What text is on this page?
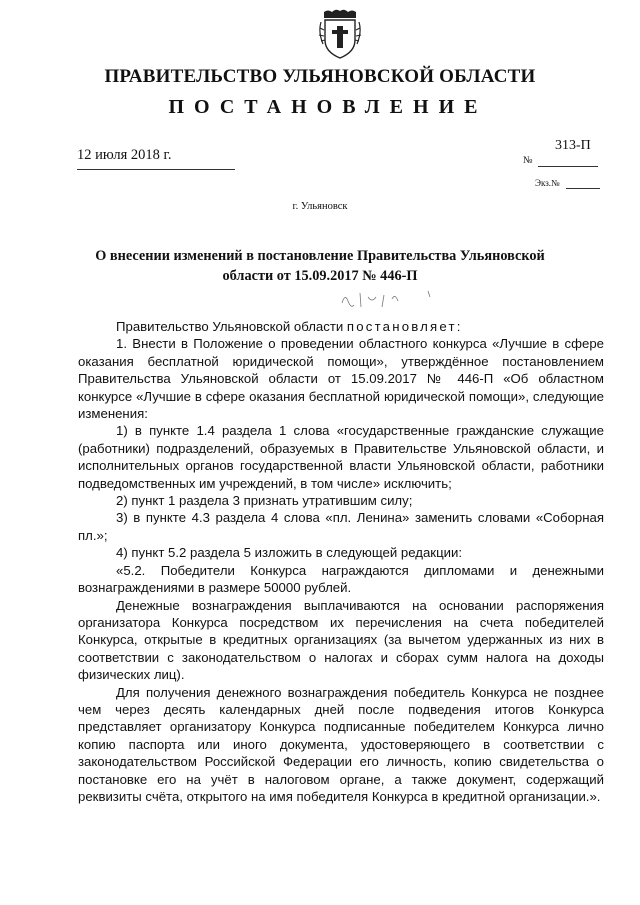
ПРАВИТЕЛЬСТВО УЛЬЯНОВСКОЙ ОБЛАСТИ
ПОСТАНОВЛЕНИЕ
12 июля 2018 г.
313-П
№
Экз.№
г. Ульяновск
О внесении изменений в постановление Правительства Ульяновской области от 15.09.2017 № 446-П

Правительство Ульяновской области постановляет:

1. Внести в Положение о проведении областного конкурса «Лучшие в сфере оказания бесплатной юридической помощи», утверждённое постановлением Правительства Ульяновской области от 15.09.2017 № 446-П «Об областном конкурсе «Лучшие в сфере оказания бесплатной юридической помощи», следующие изменения:

1) в пункте 1.4 раздела 1 слова «государственные гражданские служащие (работники) подразделений, образуемых в Правительстве Ульяновской области, и исполнительных органов государственной власти Ульяновской области, работники подведомственных им учреждений, в том числе» исключить;

2) пункт 1 раздела 3 признать утратившим силу;

3) в пункте 4.3 раздела 4 слова «пл. Ленина» заменить словами «Соборная пл.»;

4) пункт 5.2 раздела 5 изложить в следующей редакции:

«5.2. Победители Конкурса награждаются дипломами и денежными вознаграждениями в размере 50000 рублей.

Денежные вознаграждения выплачиваются на основании распоряжения организатора Конкурса посредством их перечисления на счета победителей Конкурса, открытые в кредитных организациях (за вычетом удержанных из них в соответствии с законодательством о налогах и сборах сумм налога на доходы физических лиц).

Для получения денежного вознаграждения победитель Конкурса не позднее чем через десять календарных дней после подведения итогов Конкурса представляет организатору Конкурса подписанные победителем Конкурса лично копию паспорта или иного документа, удостоверяющего в соответствии с законодательством Российской Федерации его личность, копию свидетельства о постановке его на учёт в налоговом органе, а также документ, содержащий реквизиты счёта, открытого на имя победителя Конкурса в кредитной организации.».
